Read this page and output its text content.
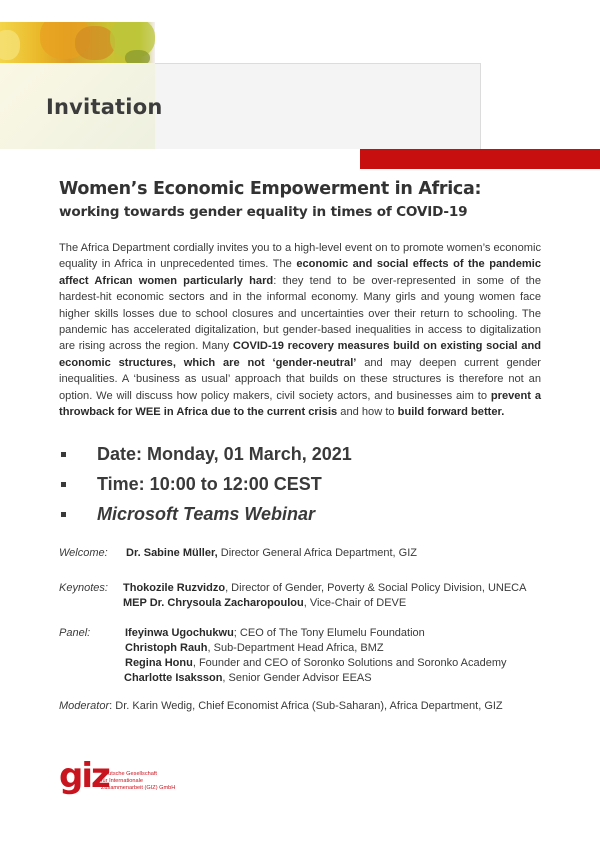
Invitation
Women’s Economic Empowerment in Africa:
working towards gender equality in times of COVID-19
The Africa Department cordially invites you to a high-level event on to promote women’s economic equality in Africa in unprecedented times. The economic and social effects of the pandemic affect African women particularly hard: they tend to be over-represented in some of the hardest-hit economic sectors and in the informal economy. Many girls and young women face higher skills losses due to school closures and uncertainties over their return to schooling. The pandemic has accelerated digitalization, but gender-based inequalities in access to digitalization are rising across the region. Many COVID-19 recovery measures build on existing social and economic structures, which are not ‘gender-neutral’ and may deepen current gender inequalities. A ‘business as usual’ approach that builds on these structures is therefore not an option. We will discuss how policy makers, civil society actors, and businesses aim to prevent a throwback for WEE in Africa due to the current crisis and how to build forward better.
Date: Monday, 01 March, 2021
Time: 10:00 to 12:00 CEST
Microsoft Teams Webinar
Welcome: Dr. Sabine Müller, Director General Africa Department, GIZ
Keynotes: Thokozile Ruzvidzo, Director of Gender, Poverty & Social Policy Division, UNECA
MEP Dr. Chrysoula Zacharopoulou, Vice-Chair of DEVE
Panel:	Ifeyinwa Ugochukwu; CEO of The Tony Elumelu Foundation
Christoph Rauh, Sub-Department Head Africa, BMZ
Regina Honu, Founder and CEO of Soronko Solutions and Soronko Academy
Charlotte Isaksson, Senior Gender Advisor EEAS
Moderator: Dr. Karin Wedig, Chief Economist Africa (Sub-Saharan), Africa Department, GIZ
giz
Deutsche Gesellschaft
für Internationale
Zusammenarbeit (GIZ) GmbH
